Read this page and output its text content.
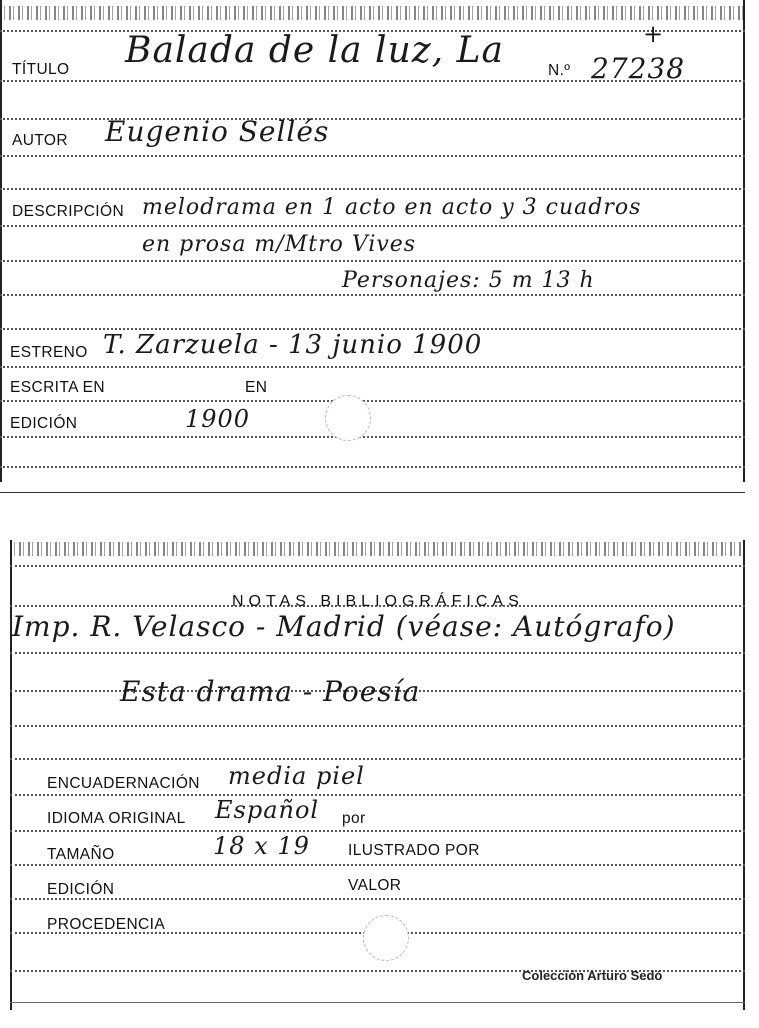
TÍTULO Balada de la luz, La	N.º 27238
+
AUTOR Eugenio Sellés
DESCRIPCIÓN melodrama en 1 acto en acto y 3 cuadros
en prosa m/Mtro Vives
Personajes: 5 m 13 h
ESTRENO T. Zarzuela - 13 junio 1900
ESCRITA EN	EN
EDICIÓN	1900
NOTAS BIBLIOGRÁFICAS
Imp. R. Velasco - Madrid (véase: Autógrafo)
Esta drama - Poesía
ENCUADERNACIÓN media piel
IDIOMA ORIGINAL Español por
TAMAÑO	18 x 19 ILUSTRADO POR
EDICIÓN	VALOR
PROCEDENCIA
Colección Arturo Sedó
